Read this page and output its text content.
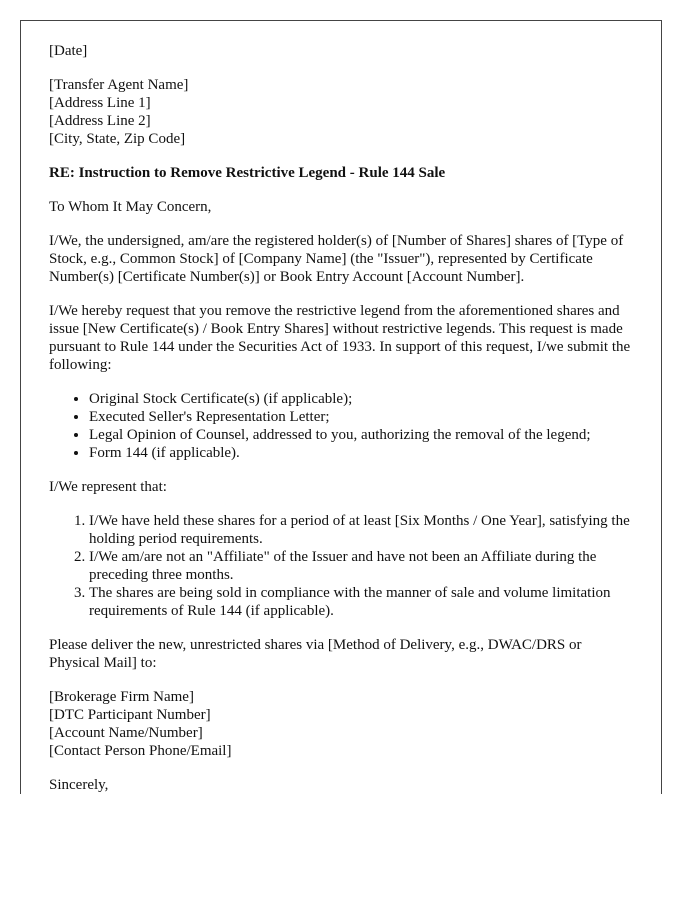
[Date]

[Transfer Agent Name]
[Address Line 1]
[Address Line 2]
[City, State, Zip Code]

RE: Instruction to Remove Restrictive Legend - Rule 144 Sale

To Whom It May Concern,

I/We, the undersigned, am/are the registered holder(s) of [Number of Shares] shares of [Type of Stock, e.g., Common Stock] of [Company Name] (the "Issuer"), represented by Certificate Number(s) [Certificate Number(s)] or Book Entry Account [Account Number].

I/We hereby request that you remove the restrictive legend from the aforementioned shares and issue [New Certificate(s) / Book Entry Shares] without restrictive legends. This request is made pursuant to Rule 144 under the Securities Act of 1933. In support of this request, I/we submit the following:

• Original Stock Certificate(s) (if applicable);
• Executed Seller's Representation Letter;
• Legal Opinion of Counsel, addressed to you, authorizing the removal of the legend;
• Form 144 (if applicable).

I/We represent that:

1. I/We have held these shares for a period of at least [Six Months / One Year], satisfying the holding period requirements.
2. I/We am/are not an "Affiliate" of the Issuer and have not been an Affiliate during the preceding three months.
3. The shares are being sold in compliance with the manner of sale and volume limitation requirements of Rule 144 (if applicable).

Please deliver the new, unrestricted shares via [Method of Delivery, e.g., DWAC/DRS or Physical Mail] to:

[Brokerage Firm Name]
[DTC Participant Number]
[Account Name/Number]
[Contact Person Phone/Email]

Sincerely,
